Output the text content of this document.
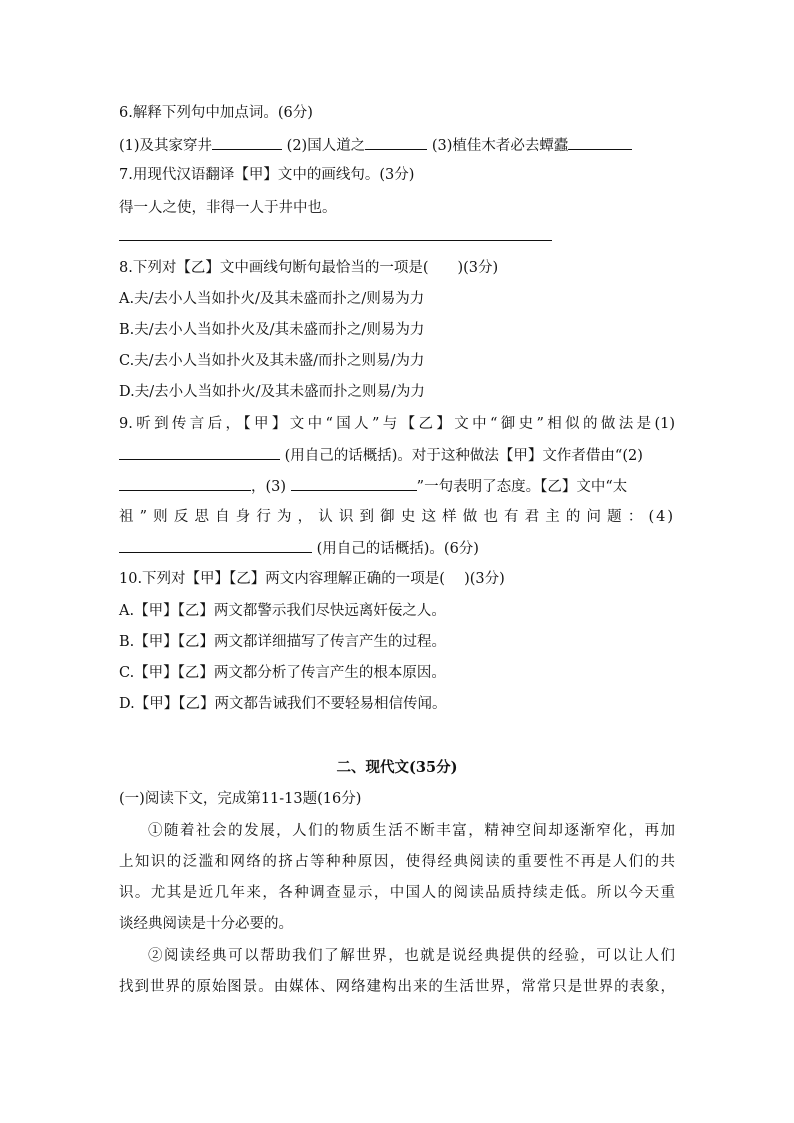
6.解释下列句中加点词。(6分)
(1)及其家穿井	(2)国人道之	(3)植佳木者必去蟫蠹
7.用现代汉语翻译【甲】文中的画线句。(3分)
得一人之使，非得一人于井中也。
8.下列对【乙】文中画线句断句最恰当的一项是(　　)(3分)
A.夫/去小人当如扑火/及其未盛而扑之/则易为力
B.夫/去小人当如扑火及/其未盛而扑之/则易为力
C.夫/去小人当如扑火及其未盛/而扑之则易/为力
D.夫/去小人当如扑火/及其未盛而扑之则易/为力
9.听到传言后，【甲】文中“国人”与【乙】文中“御史”相似的做法是(1)
(用自己的话概括)。对于这种做法【甲】文作者借由“(2)
，(3)	”一句表明了态度。【乙】文中“太
祖”则反思自身行为，认识到御史这样做也有君主的问题：(4)
(用自己的话概括)。(6分)
10.下列对【甲】【乙】两文内容理解正确的一项是(　 )(3分)
A.【甲】【乙】两文都警示我们尽快远离奸佞之人。
B.【甲】【乙】两文都详细描写了传言产生的过程。
C.【甲】【乙】两文都分析了传言产生的根本原因。
D.【甲】【乙】两文都告诫我们不要轻易相信传闻。
二、现代文(35分)
(一)阅读下文，完成第11-13题(16分)
①随着社会的发展，人们的物质生活不断丰富，精神空间却逐渐窄化，再加
上知识的泛滥和网络的挤占等种种原因，使得经典阅读的重要性不再是人们的共
识。尤其是近几年来，各种调查显示，中国人的阅读品质持续走低。所以今天重
谈经典阅读是十分必要的。
②阅读经典可以帮助我们了解世界，也就是说经典提供的经验，可以让人们
找到世界的原始图景。由媒体、网络建构出来的生活世界，常常只是世界的表象，
